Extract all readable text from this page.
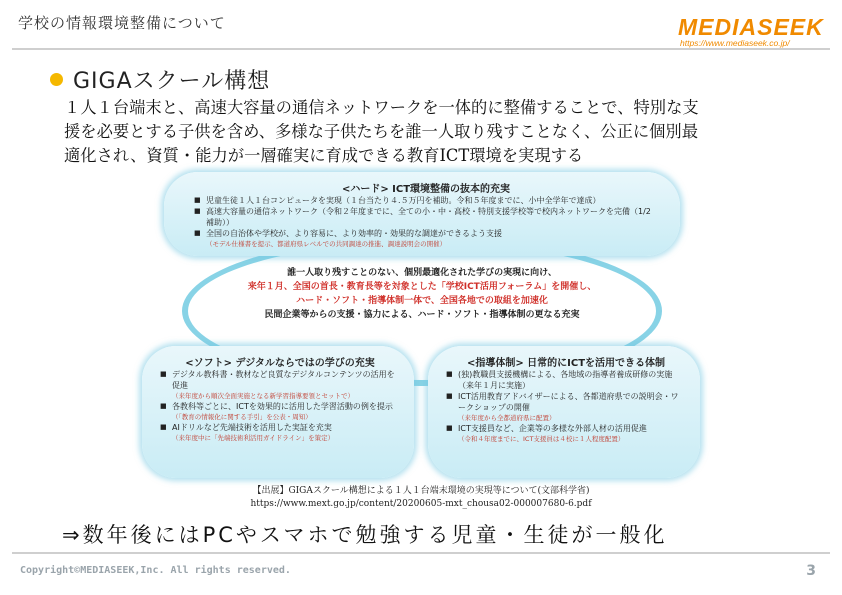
学校の情報環境整備について	MEDIASEEK
https://www.mediaseek.co.jp/
GIGAスクール構想
１人１台端末と、高速大容量の通信ネットワークを一体的に整備することで、特別な支
援を必要とする子供を含め、多様な子供たちを誰一人取り残すことなく、公正に個別最
適化され、資質・能力が一層確実に育成できる教育ICT環境を実現する
<ハード> ICT環境整備の抜本的充実
■ 児童生徒１人１台コンピュータを実現（１台当たり４.５万円を補助。令和５年度までに、小中全学年で達成）
■ 高速大容量の通信ネットワーク（令和２年度までに、全ての小・中・高校・特別支援学校等で校内ネットワークを完備（1/2補助））
■ 全国の自治体や学校が、より容易に、より効率的・効果的な調達ができるよう支援
（モデル仕様書を提示、都道府県レベルでの共同調達の推進、調達説明会の開催）
誰一人取り残すことのない、個別最適化された学びの実現に向け、
来年１月、全国の首長・教育長等を対象とした「学校ICT活用フォーラム」を開催し、
ハード・ソフト・指導体制一体で、全国各地での取組を加速化
民間企業等からの支援・協力による、ハード・ソフト・指導体制の更なる充実
<ソフト> デジタルならではの学びの充実
■ デジタル教科書・教材など良質なデジタルコンテンツの活用を促進
（来年度から順次全面実施となる新学習指導要領とセットで）
■ 各教科等ごとに、ICTを効果的に活用した学習活動の例を提示
（「教育の情報化に関する手引」を公表・周知）
■ AIドリルなど先端技術を活用した実証を充実
（来年度中に「先端技術利活用ガイドライン」を策定）
<指導体制> 日常的にICTを活用できる体制
■ (独)教職員支援機構による、各地域の指導者養成研修の実施（来年１月に実施）
■ ICT活用教育アドバイザーによる、各都道府県での説明会・ワークショップの開催
（来年度から全都道府県に配置）
■ ICT支援員など、企業等の多様な外部人材の活用促進
（令和４年度までに、ICT支援員は４校に１人程度配置）
【出展】GIGAスクール構想による１人１台端末環境の実現等について(文部科学省)
https://www.mext.go.jp/content/20200605-mxt_chousa02-000007680-6.pdf
⇒数年後にはPCやスマホで勉強する児童・生徒が一般化
Copyright©MEDIASEEK,Inc. All rights reserved.	3
